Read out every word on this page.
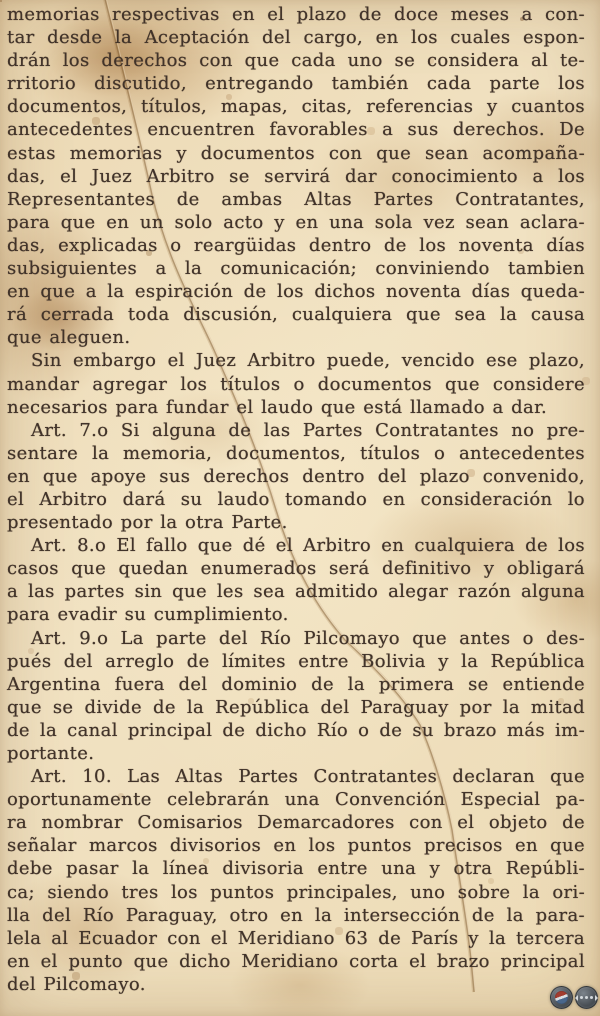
memorias respectivas en el plazo de doce meses a con-
tar desde la Aceptación del cargo, en los cuales espon-
drán los derechos con que cada uno se considera al te-
rritorio discutido, entregando también cada parte los
documentos, títulos, mapas, citas, referencias y cuantos
antecedentes encuentren favorables a sus derechos. De
estas memorias y documentos con que sean acompaña-
das, el Juez Arbitro se servirá dar conocimiento a los
Representantes de ambas Altas Partes Contratantes,
para que en un solo acto y en una sola vez sean aclara-
das, explicadas o reargüidas dentro de los noventa días
subsiguientes a la comunicación; conviniendo tambien
en que a la espiración de los dichos noventa días queda-
rá cerrada toda discusión, cualquiera que sea la causa
que aleguen.
Sin embargo el Juez Arbitro puede, vencido ese plazo,
mandar agregar los títulos o documentos que considere
necesarios para fundar el laudo que está llamado a dar.
Art. 7.o Si alguna de las Partes Contratantes no pre-
sentare la memoria, documentos, títulos o antecedentes
en que apoye sus derechos dentro del plazo convenido,
el Arbitro dará su laudo tomando en consideración lo
presentado por la otra Parte.
Art. 8.o El fallo que dé el Arbitro en cualquiera de los
casos que quedan enumerados será definitivo y obligará
a las partes sin que les sea admitido alegar razón alguna
para evadir su cumplimiento.
Art. 9.o La parte del Río Pilcomayo que antes o des-
pués del arreglo de límites entre Bolivia y la República
Argentina fuera del dominio de la primera se entiende
que se divide de la República del Paraguay por la mitad
de la canal principal de dicho Río o de su brazo más im-
portante.
Art. 10. Las Altas Partes Contratantes declaran que
oportunamente celebrarán una Convención Especial pa-
ra nombrar Comisarios Demarcadores con el objeto de
señalar marcos divisorios en los puntos precisos en que
debe pasar la línea divisoria entre una y otra Repúbli-
ca; siendo tres los puntos principales, uno sobre la ori-
lla del Río Paraguay, otro en la intersección de la para-
lela al Ecuador con el Meridiano 63 de París y la tercera
en el punto que dicho Meridiano corta el brazo principal
del Pilcomayo.
